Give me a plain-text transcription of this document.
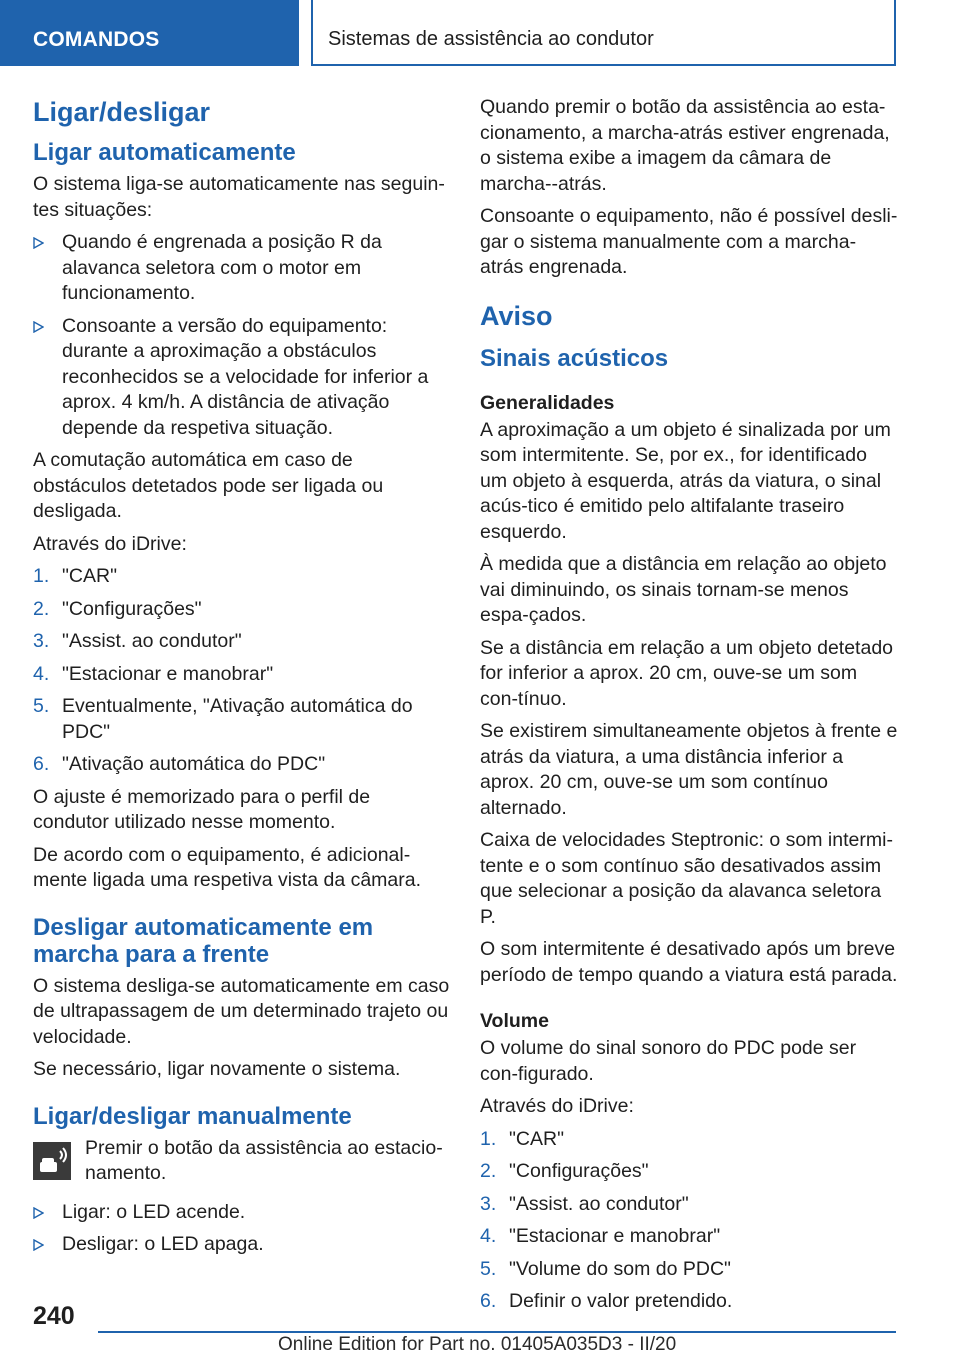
COMANDOS	Sistemas de assistência ao condutor
Ligar/desligar
Ligar automaticamente

O sistema liga-se automaticamente nas seguin-tes situações:

Quando é engrenada a posição R da alavanca seletora com o motor em funcionamento.
Consoante a versão do equipamento: durante a aproximação a obstáculos reconhecidos se a velocidade for inferior a aprox. 4 km/h. A distância de ativação depende da respetiva situação.

A comutação automática em caso de obstáculos detetados pode ser ligada ou desligada.

Através do iDrive:

1. "CAR"
2. "Configurações"
3. "Assist. ao condutor"
4. "Estacionar e manobrar"
5. Eventualmente, "Ativação automática do PDC"
6. "Ativação automática do PDC"

O ajuste é memorizado para o perfil de condutor utilizado nesse momento.

De acordo com o equipamento, é adicional-mente ligada uma respetiva vista da câmara.

Desligar automaticamente em marcha para a frente

O sistema desliga-se automaticamente em caso de ultrapassagem de um determinado trajeto ou velocidade.

Se necessário, ligar novamente o sistema.

Ligar/desligar manualmente

Premir o botão da assistência ao estacio-namento.

Ligar: o LED acende.
Desligar: o LED apaga.

Quando premir o botão da assistência ao esta-cionamento, a marcha-atrás estiver engrenada, o sistema exibe a imagem da câmara de marcha--atrás.

Consoante o equipamento, não é possível desli-gar o sistema manualmente com a marcha-atrás engrenada.

Aviso
Sinais acústicos
Generalidades

A aproximação a um objeto é sinalizada por um som intermitente. Se, por ex., for identificado um objeto à esquerda, atrás da viatura, o sinal acús-tico é emitido pelo altifalante traseiro esquerdo.

À medida que a distância em relação ao objeto vai diminuindo, os sinais tornam-se menos espa-çados.

Se a distância em relação a um objeto detetado for inferior a aprox. 20 cm, ouve-se um som con-tínuo.

Se existirem simultaneamente objetos à frente e atrás da viatura, a uma distância inferior a aprox. 20 cm, ouve-se um som contínuo alternado.

Caixa de velocidades Steptronic: o som intermi-tente e o som contínuo são desativados assim que selecionar a posição da alavanca seletora P.

O som intermitente é desativado após um breve período de tempo quando a viatura está parada.

Volume

O volume do sinal sonoro do PDC pode ser con-figurado.

Através do iDrive:

1. "CAR"
2. "Configurações"
3. "Assist. ao condutor"
4. "Estacionar e manobrar"
5. "Volume do som do PDC"
6. Definir o valor pretendido.
240
Online Edition for Part no. 01405A035D3 - II/20
